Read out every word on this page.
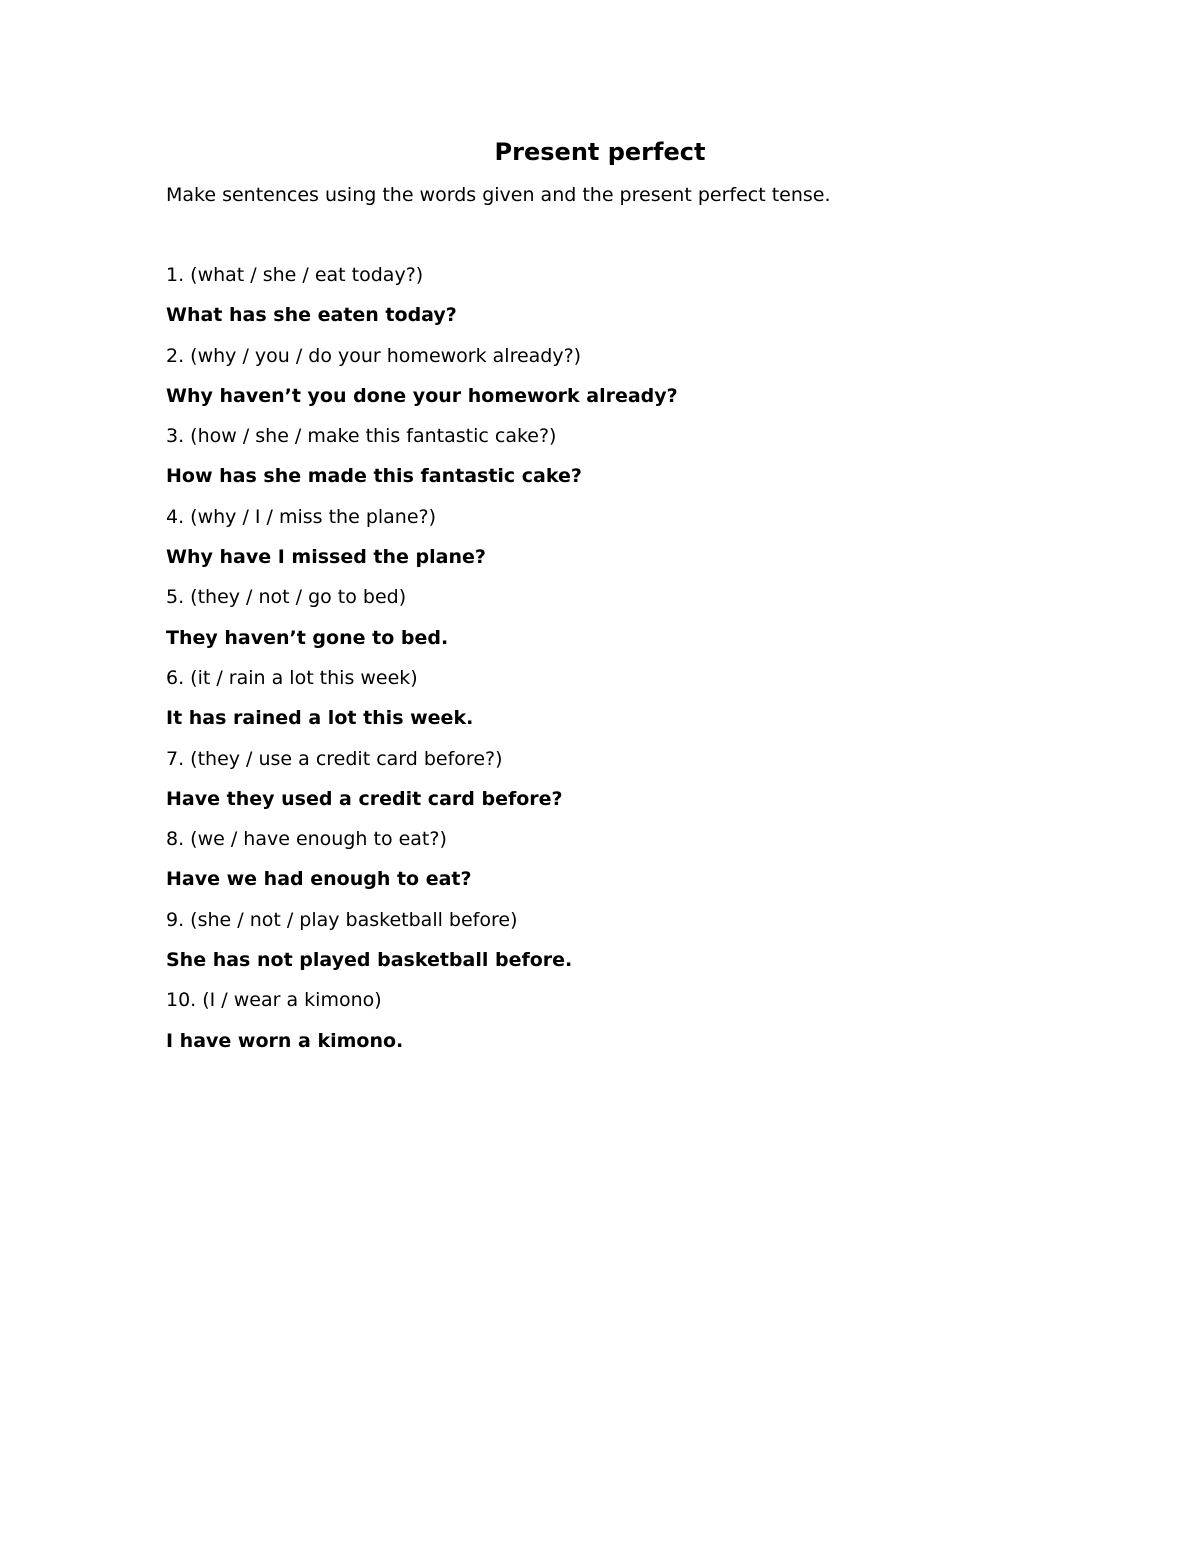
Present perfect

Make sentences using the words given and the present perfect tense.

1. (what / she / eat today?)
What has she eaten today?
2. (why / you / do your homework already?)
Why haven’t you done your homework already?
3. (how / she / make this fantastic cake?)
How has she made this fantastic cake?
4. (why / I / miss the plane?)
Why have I missed the plane?
5. (they / not / go to bed)
They haven’t gone to bed.
6. (it / rain a lot this week)
It has rained a lot this week.
7. (they / use a credit card before?)
Have they used a credit card before?
8. (we / have enough to eat?)
Have we had enough to eat?
9. (she / not / play basketball before)
She has not played basketball before.
10. (I / wear a kimono)
I have worn a kimono.
